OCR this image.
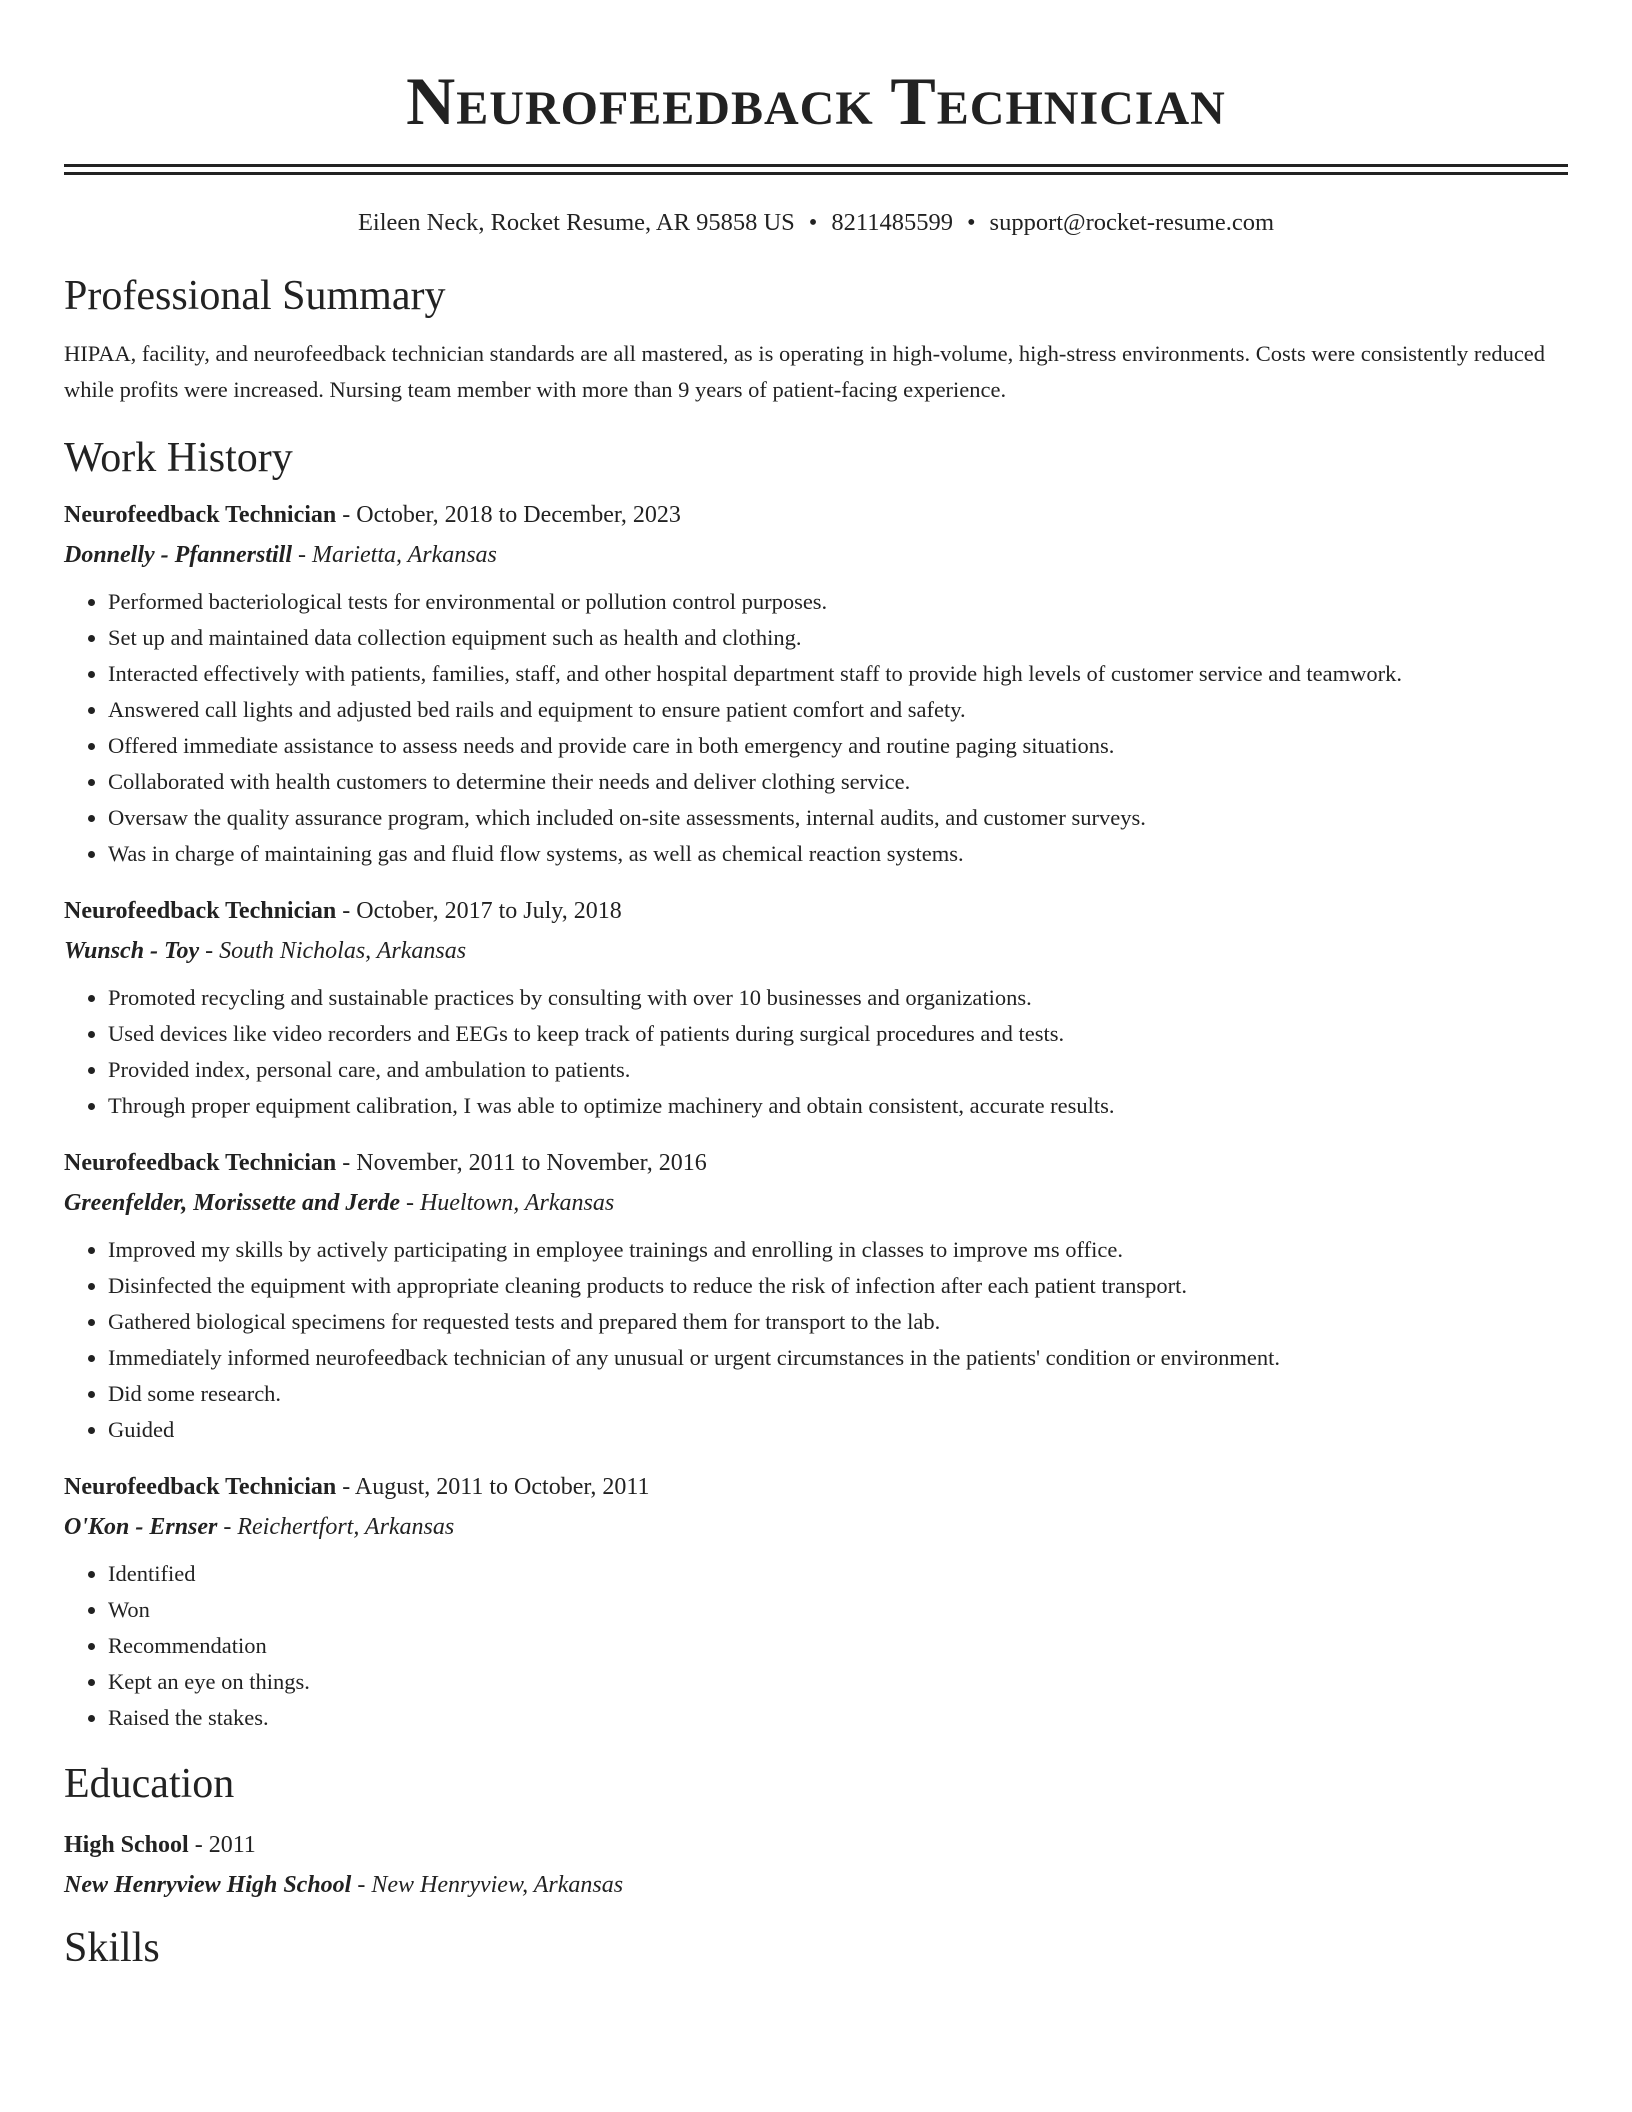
Neurofeedback Technician
Eileen Neck, Rocket Resume, AR 95858 US • 8211485599 • support@rocket-resume.com
Professional Summary
HIPAA, facility, and neurofeedback technician standards are all mastered, as is operating in high-volume, high-stress environments. Costs were consistently reduced while profits were increased. Nursing team member with more than 9 years of patient-facing experience.
Work History
Neurofeedback Technician - October, 2018 to December, 2023
Donnelly - Pfannerstill - Marietta, Arkansas
• Performed bacteriological tests for environmental or pollution control purposes.
• Set up and maintained data collection equipment such as health and clothing.
• Interacted effectively with patients, families, staff, and other hospital department staff to provide high levels of customer service and teamwork.
• Answered call lights and adjusted bed rails and equipment to ensure patient comfort and safety.
• Offered immediate assistance to assess needs and provide care in both emergency and routine paging situations.
• Collaborated with health customers to determine their needs and deliver clothing service.
• Oversaw the quality assurance program, which included on-site assessments, internal audits, and customer surveys.
• Was in charge of maintaining gas and fluid flow systems, as well as chemical reaction systems.
Neurofeedback Technician - October, 2017 to July, 2018
Wunsch - Toy - South Nicholas, Arkansas
• Promoted recycling and sustainable practices by consulting with over 10 businesses and organizations.
• Used devices like video recorders and EEGs to keep track of patients during surgical procedures and tests.
• Provided index, personal care, and ambulation to patients.
• Through proper equipment calibration, I was able to optimize machinery and obtain consistent, accurate results.
Neurofeedback Technician - November, 2011 to November, 2016
Greenfelder, Morissette and Jerde - Hueltown, Arkansas
• Improved my skills by actively participating in employee trainings and enrolling in classes to improve ms office.
• Disinfected the equipment with appropriate cleaning products to reduce the risk of infection after each patient transport.
• Gathered biological specimens for requested tests and prepared them for transport to the lab.
• Immediately informed neurofeedback technician of any unusual or urgent circumstances in the patients' condition or environment.
• Did some research.
• Guided
Neurofeedback Technician - August, 2011 to October, 2011
O'Kon - Ernser - Reichertfort, Arkansas
• Identified
• Won
• Recommendation
• Kept an eye on things.
• Raised the stakes.
Education
High School - 2011
New Henryview High School - New Henryview, Arkansas
Skills
